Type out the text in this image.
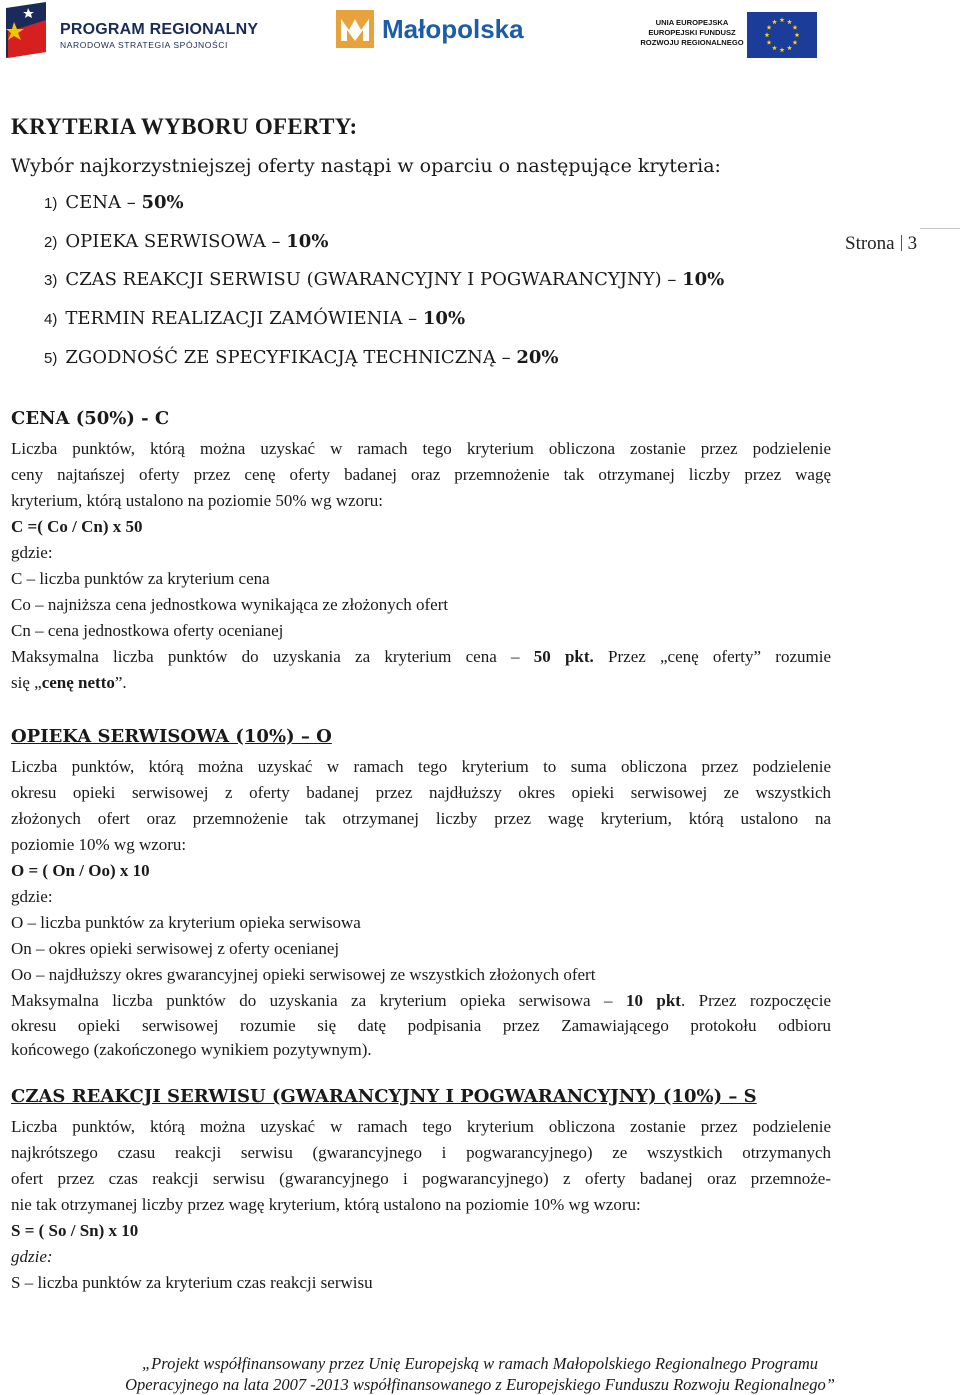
PROGRAM REGIONALNY
NARODOWA STRATEGIA SPÓJNOŚCI
Małopolska	UNIA EUROPEJSKA
EUROPEJSKI FUNDUSZ
ROZWOJU REGIONALNEGO
Strona 3
KRYTERIA WYBORU OFERTY:
Wybór najkorzystniejszej oferty nastąpi w oparciu o następujące kryteria:
1) CENA – 50%
2) OPIEKA SERWISOWA – 10%
3) CZAS REAKCJI SERWISU (GWARANCYJNY I POGWARANCYJNY) – 10%
4) TERMIN REALIZACJI ZAMÓWIENIA – 10%
5) ZGODNOŚĆ ZE SPECYFIKACJĄ TECHNICZNĄ – 20%
CENA (50%) - C
Liczba punktów, którą można uzyskać w ramach tego kryterium obliczona zostanie przez podzielenie
ceny najtańszej oferty przez cenę oferty badanej oraz przemnożenie tak otrzymanej liczby przez wagę
kryterium, którą ustalono na poziomie 50% wg wzoru:
C =( Co / Cn) x 50
gdzie:
C – liczba punktów za kryterium cena
Co – najniższa cena jednostkowa wynikająca ze złożonych ofert
Cn – cena jednostkowa oferty ocenianej
Maksymalna liczba punktów do uzyskania za kryterium cena – 50 pkt. Przez „cenę oferty” rozumie
się „cenę netto”.
OPIEKA SERWISOWA (10%) – O
Liczba punktów, którą można uzyskać w ramach tego kryterium to suma obliczona przez podzielenie
okresu opieki serwisowej z oferty badanej przez najdłuższy okres opieki serwisowej ze wszystkich
złożonych ofert oraz przemnożenie tak otrzymanej liczby przez wagę kryterium, którą ustalono na
poziomie 10% wg wzoru:
O = ( On / Oo) x 10
gdzie:
O – liczba punktów za kryterium opieka serwisowa
On – okres opieki serwisowej z oferty ocenianej
Oo – najdłuższy okres gwarancyjnej opieki serwisowej ze wszystkich złożonych ofert
Maksymalna liczba punktów do uzyskania za kryterium opieka serwisowa – 10 pkt. Przez rozpoczęcie
okresu opieki serwisowej rozumie się datę podpisania przez Zamawiającego protokołu odbioru
końcowego (zakończonego wynikiem pozytywnym).
CZAS REAKCJI SERWISU (GWARANCYJNY I POGWARANCYJNY) (10%) – S
Liczba punktów, którą można uzyskać w ramach tego kryterium obliczona zostanie przez podzielenie
najkrótszego czasu reakcji serwisu (gwarancyjnego i pogwarancyjnego) ze wszystkich otrzymanych
ofert przez czas reakcji serwisu (gwarancyjnego i pogwarancyjnego) z oferty badanej oraz przemnoże-
nie tak otrzymanej liczby przez wagę kryterium, którą ustalono na poziomie 10% wg wzoru:
S = ( So / Sn) x 10
gdzie:
S – liczba punktów za kryterium czas reakcji serwisu
„Projekt współfinansowany przez Unię Europejską w ramach Małopolskiego Regionalnego Programu
Operacyjnego na lata 2007 -2013 współfinansowanego z Europejskiego Funduszu Rozwoju Regionalnego”
